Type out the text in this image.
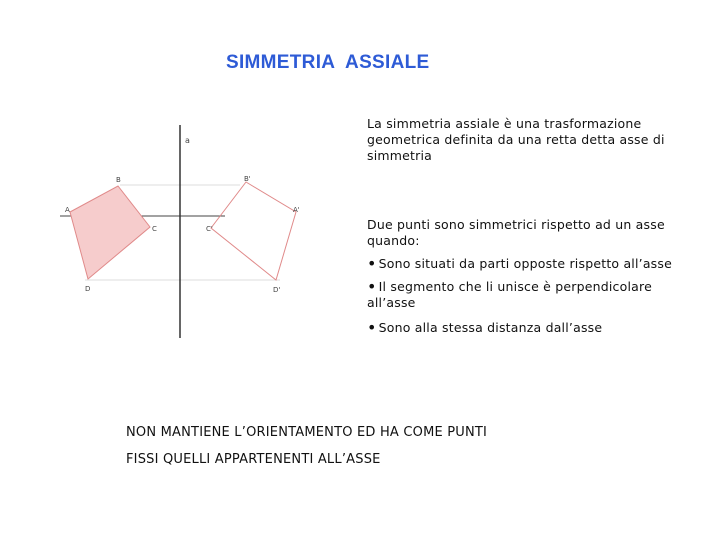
SIMMETRIA  ASSIALE
a
A
B
C
D
B'
A'
C'
D'
La simmetria assiale è una trasformazione geometrica definita da una retta detta asse di simmetria
Due punti sono simmetrici rispetto ad un asse quando:
• Sono situati da parti opposte rispetto all’asse
• Il segmento che li unisce è perpendicolare all’asse
• Sono alla stessa distanza dall’asse
NON MANTIENE L’ORIENTAMENTO ED HA COME PUNTI
FISSI QUELLI APPARTENENTI ALL’ASSE
